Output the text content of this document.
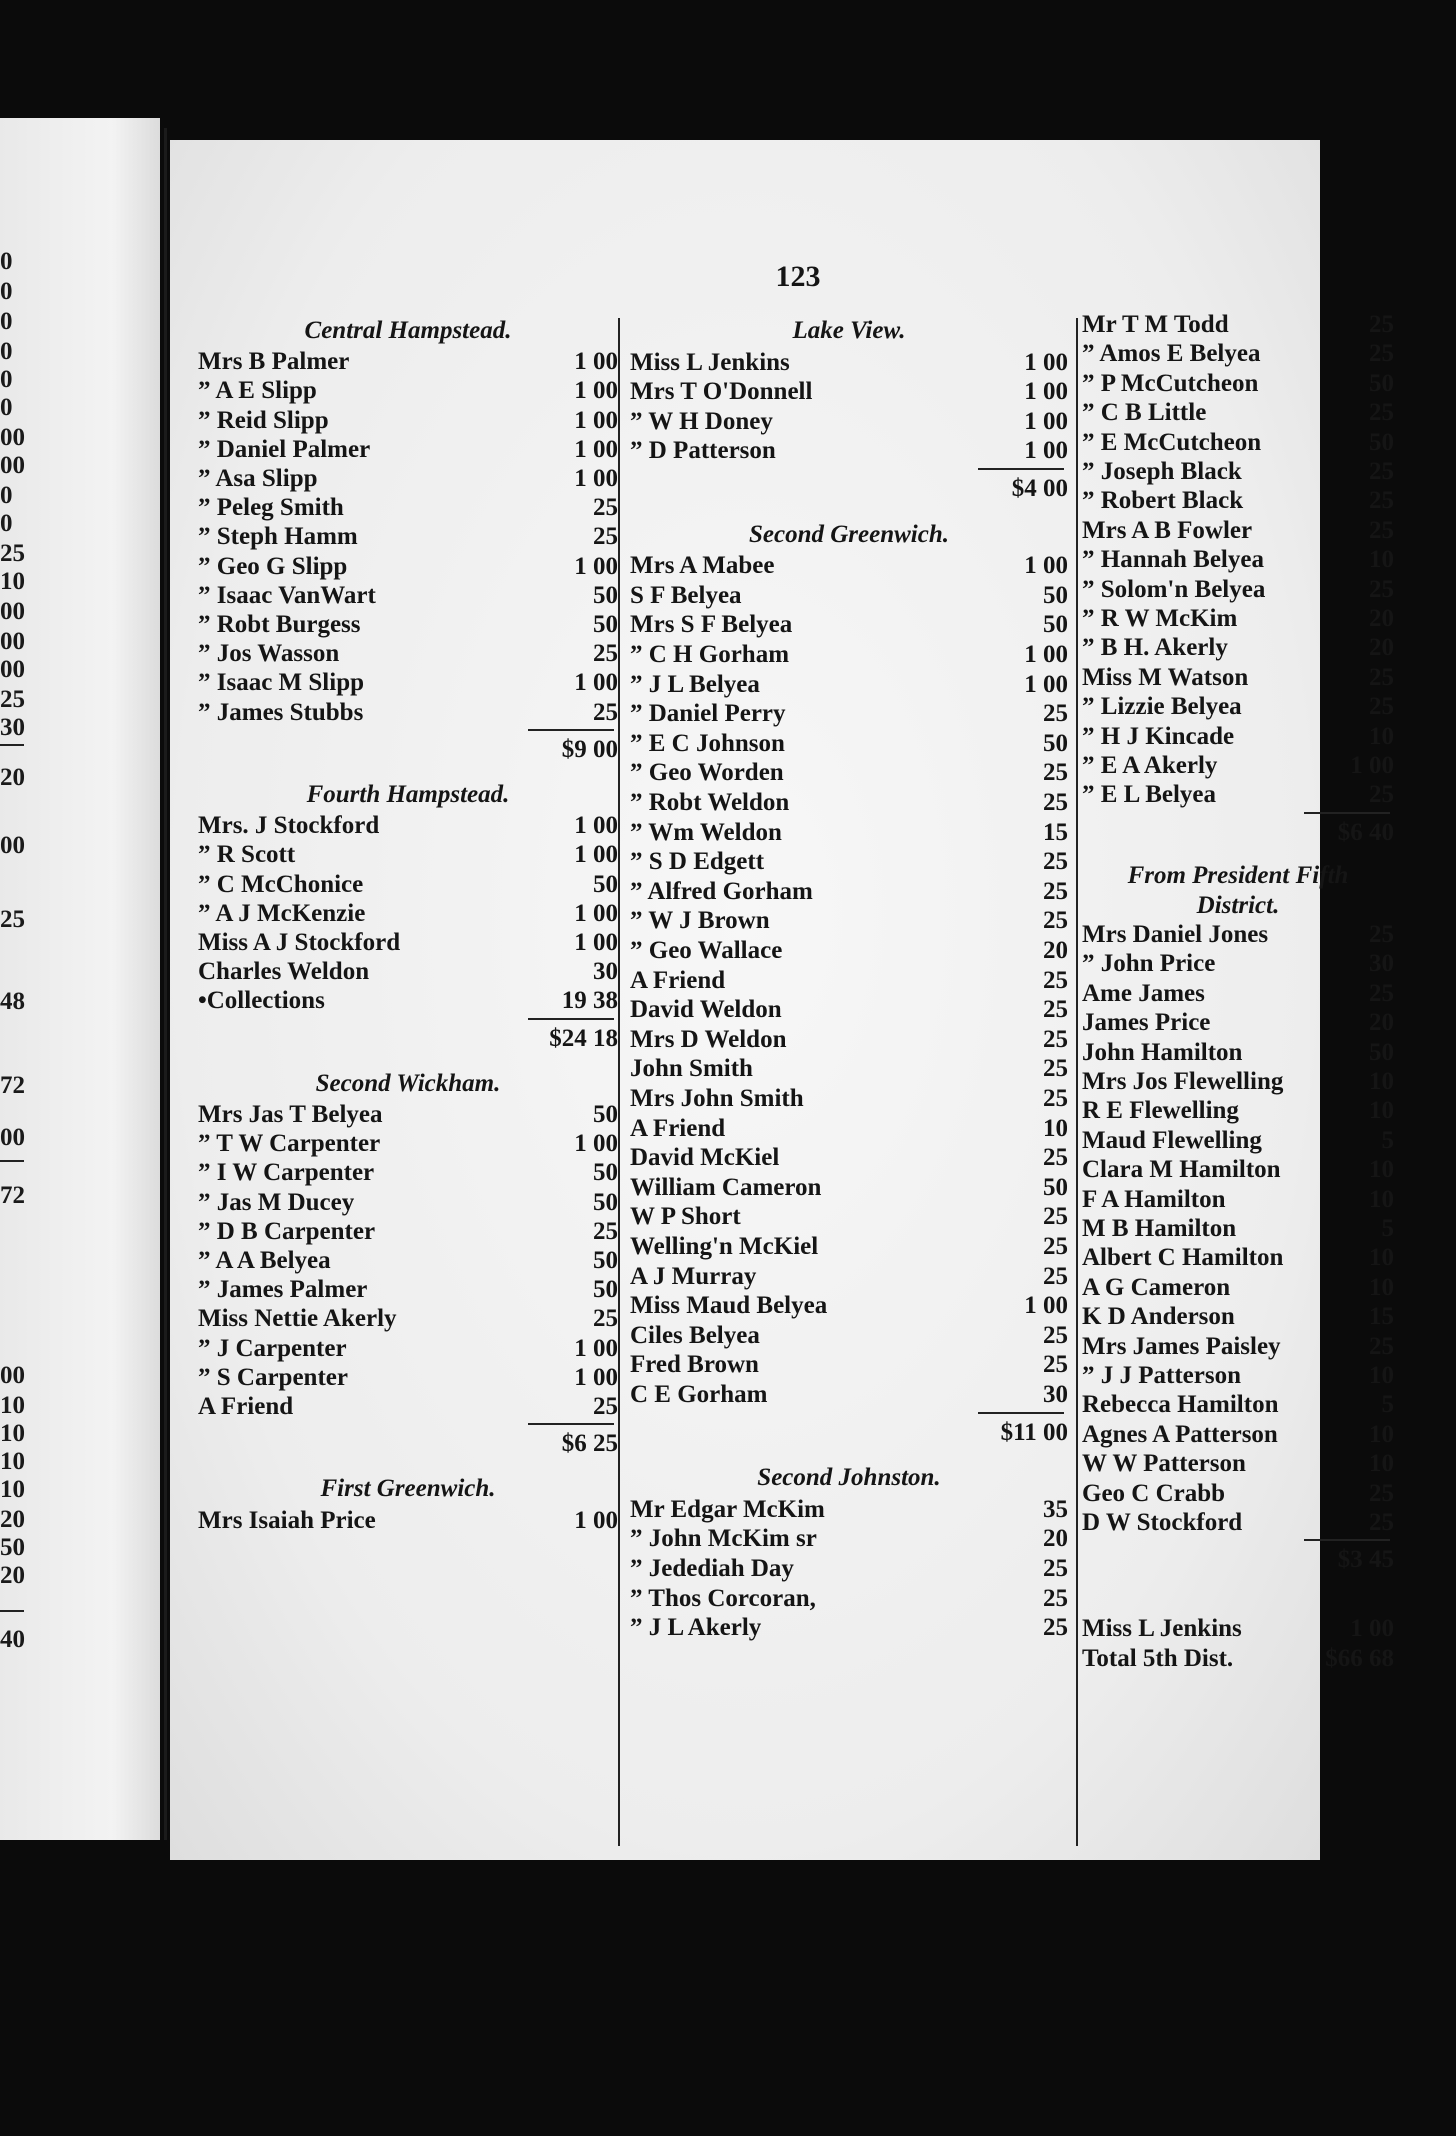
0
0
0
0
0
0
00
00
0
0
25
10
00
00
00
25
30
20
00
25
48
72
00
72
00
10
10
10
10
20
50
20
40
123
Central Hampstead.
Mrs B Palmer	1 00
” A E Slipp	1 00
” Reid Slipp	1 00
” Daniel Palmer	1 00
” Asa Slipp	1 00
” Peleg Smith	25
” Steph Hamm	25
” Geo G Slipp	1 00
” Isaac VanWart	50
” Robt Burgess	50
” Jos Wasson	25
” Isaac M Slipp	1 00
” James Stubbs	25
$9 00
Fourth Hampstead.
Mrs. J Stockford	1 00
” R Scott	1 00
” C McChonice	50
” A J McKenzie	1 00
Miss A J Stockford	1 00
Charles Weldon	30
•Collections	19 38
$24 18
Second Wickham.
Mrs Jas T Belyea	50
” T W Carpenter	1 00
” I W Carpenter	50
” Jas M Ducey	50
” D B Carpenter	25
” A A Belyea	50
” James Palmer	50
Miss Nettie Akerly	25
” J Carpenter	1 00
” S Carpenter	1 00
A Friend	25
$6 25
First Greenwich.
Mrs Isaiah Price	1 00
Lake View.
Miss L Jenkins	1 00
Mrs T O'Donnell	1 00
” W H Doney	1 00
” D Patterson	1 00
$4 00
Second Greenwich.
Mrs A Mabee	1 00
S F Belyea	50
Mrs S F Belyea	50
” C H Gorham	1 00
” J L Belyea	1 00
” Daniel Perry	25
” E C Johnson	50
” Geo Worden	25
” Robt Weldon	25
” Wm Weldon	15
” S D Edgett	25
” Alfred Gorham	25
” W J Brown	25
” Geo Wallace	20
A Friend	25
David Weldon	25
Mrs D Weldon	25
John Smith	25
Mrs John Smith	25
A Friend	10
David McKiel	25
William Cameron	50
W P Short	25
Welling'n McKiel	25
A J Murray	25
Miss Maud Belyea	1 00
Ciles Belyea	25
Fred Brown	25
C E Gorham	30
$11 00
Second Johnston.
Mr Edgar McKim	35
” John McKim sr	20
” Jedediah Day	25
” Thos Corcoran,	25
” J L Akerly	25
Mr T M Todd	25
” Amos E Belyea	25
” P McCutcheon	50
” C B Little	25
” E McCutcheon	50
” Joseph Black	25
” Robert Black	25
Mrs A B Fowler	25
” Hannah Belyea	10
” Solom'n Belyea	25
” R W McKim	20
” B H. Akerly	20
Miss M Watson	25
” Lizzie Belyea	25
” H J Kincade	10
” E A Akerly	1 00
” E L Belyea	25
$6 40
From President Fifth
District.
Mrs Daniel Jones	25
” John Price	30
Ame James	25
James Price	20
John Hamilton	50
Mrs Jos Flewelling	10
R E Flewelling	10
Maud Flewelling	5
Clara M Hamilton	10
F A Hamilton	10
M B Hamilton	5
Albert C Hamilton	10
A G Cameron	10
K D Anderson	15
Mrs James Paisley	25
” J J Patterson	10
Rebecca Hamilton	5
Agnes A Patterson	10
W W Patterson	10
Geo C Crabb	25
D W Stockford	25
$3 45
Miss L Jenkins	1 00
Total 5th Dist.	$66 68
